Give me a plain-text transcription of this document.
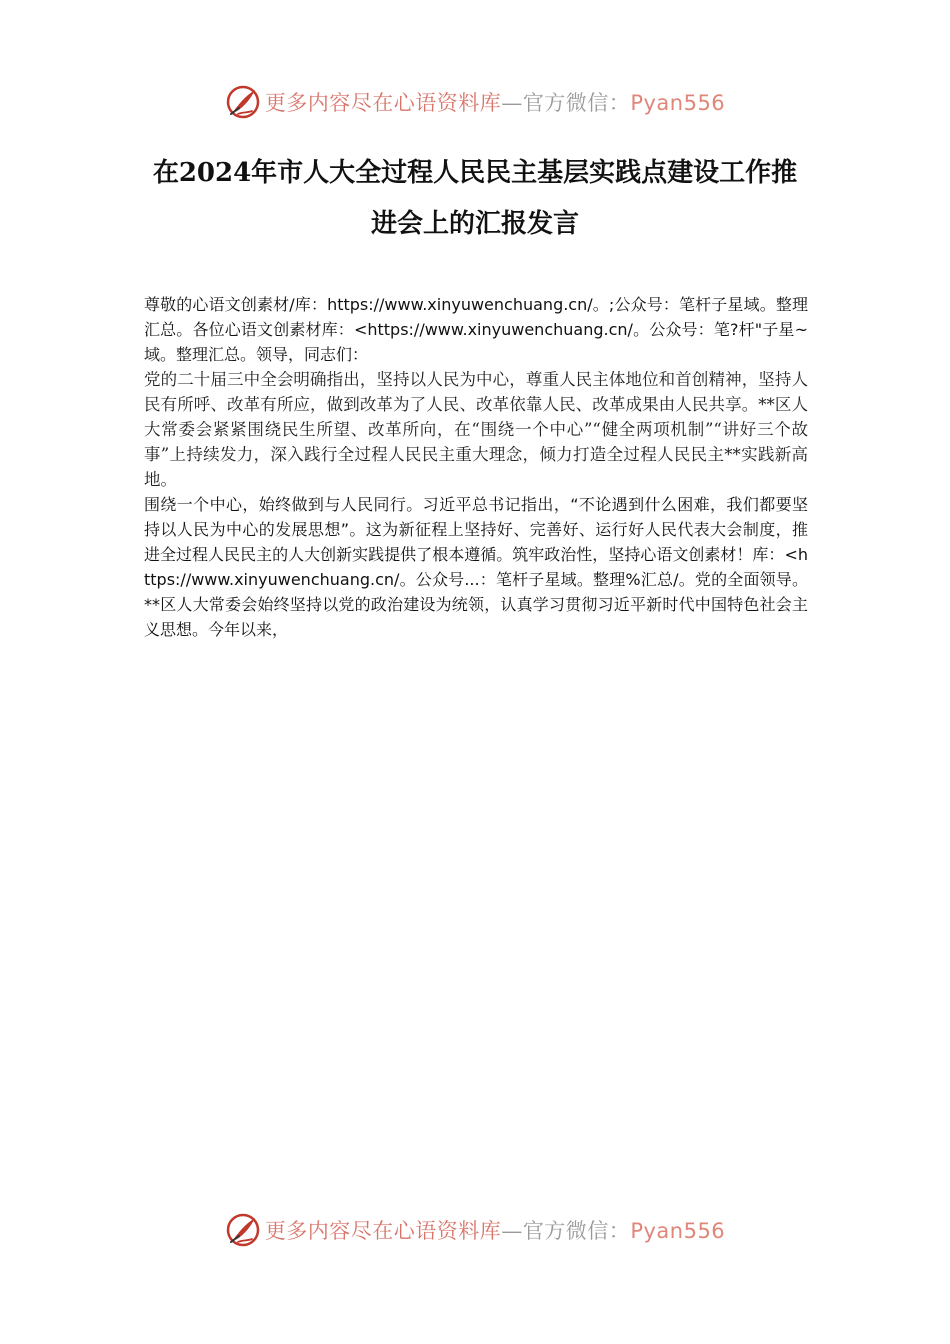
更多内容尽在心语资料库—官方微信：Pyan556
在2024年市人大全过程人民民主基层实践点建设工作推进会上的汇报发言

尊敬的心语文创素材/库：https://www.xinyuwenchuang.cn/。;公众号：笔杆子星域。整理汇总。各位心语文创素材库：<https://www.xinyuwenchuang.cn/。公众号：笔?杆"子星~域。整理汇总。领导，同志们：

党的二十届三中全会明确指出，坚持以人民为中心，尊重人民主体地位和首创精神，坚持人民有所呼、改革有所应，做到改革为了人民、改革依靠人民、改革成果由人民共享。**区人大常委会紧紧围绕民生所望、改革所向，在“围绕一个中心”“健全两项机制”“讲好三个故事”上持续发力，深入践行全过程人民民主重大理念，倾力打造全过程人民民主**实践新高地。

围绕一个中心，始终做到与人民同行。习近平总书记指出，“不论遇到什么困难，我们都要坚持以人民为中心的发展思想”。这为新征程上坚持好、完善好、运行好人民代表大会制度，推进全过程人民民主的人大创新实践提供了根本遵循。筑牢政治性，坚持心语文创素材！库：<https://www.xinyuwenchuang.cn/。公众号...：笔杆子星域。整理%汇总/。党的全面领导。**区人大常委会始终坚持以党的政治建设为统领，认真学习贯彻习近平新时代中国特色社会主义思想。今年以来，

更多内容尽在心语资料库—官方微信：Pyan556
